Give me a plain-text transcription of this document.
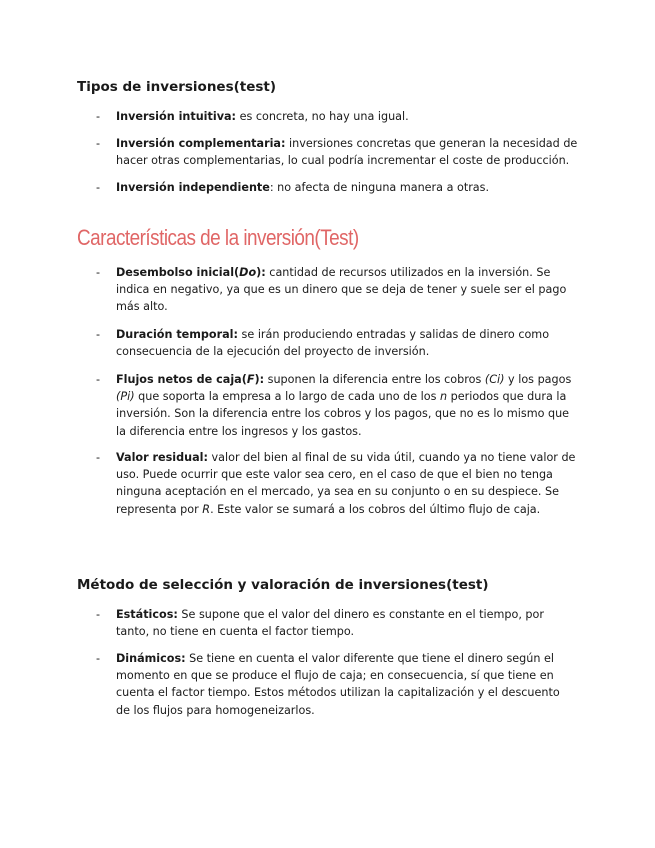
Tipos de inversiones(test)
- Inversión intuitiva: es concreta, no hay una igual.
- Inversión complementaria: inversiones concretas que generan la necesidad de
hacer otras complementarias, lo cual podría incrementar el coste de producción.
- Inversión independiente: no afecta de ninguna manera a otras.
Características de la inversión(Test)
- Desembolso inicial(Do): cantidad de recursos utilizados en la inversión. Se
indica en negativo, ya que es un dinero que se deja de tener y suele ser el pago
más alto.
- Duración temporal: se irán produciendo entradas y salidas de dinero como
consecuencia de la ejecución del proyecto de inversión.
- Flujos netos de caja(F): suponen la diferencia entre los cobros (Ci) y los pagos
(Pi) que soporta la empresa a lo largo de cada uno de los n periodos que dura la
inversión. Son la diferencia entre los cobros y los pagos, que no es lo mismo que
la diferencia entre los ingresos y los gastos.
- Valor residual: valor del bien al final de su vida útil, cuando ya no tiene valor de
uso. Puede ocurrir que este valor sea cero, en el caso de que el bien no tenga
ninguna aceptación en el mercado, ya sea en su conjunto o en su despiece. Se
representa por R. Este valor se sumará a los cobros del último flujo de caja.
Método de selección y valoración de inversiones(test)
- Estáticos: Se supone que el valor del dinero es constante en el tiempo, por
tanto, no tiene en cuenta el factor tiempo.
- Dinámicos: Se tiene en cuenta el valor diferente que tiene el dinero según el
momento en que se produce el flujo de caja; en consecuencia, sí que tiene en
cuenta el factor tiempo. Estos métodos utilizan la capitalización y el descuento
de los flujos para homogeneizarlos.
